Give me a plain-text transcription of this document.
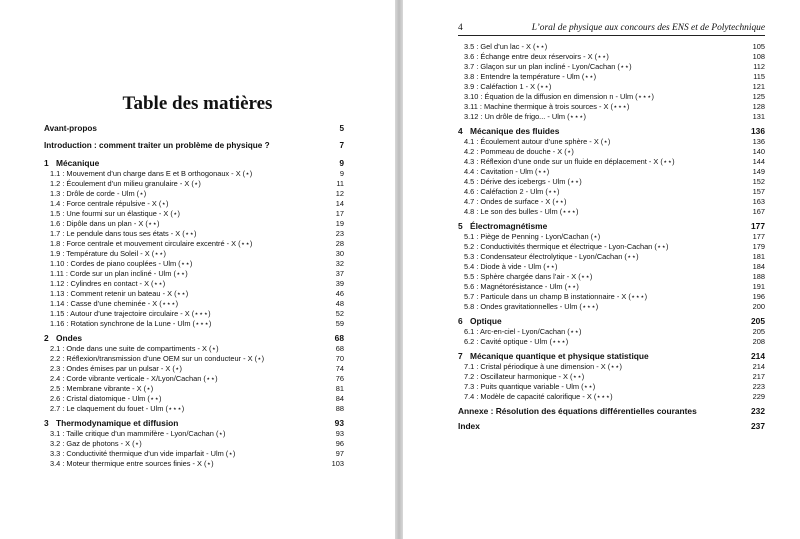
Table des matières
Avant-propos	5
Introduction : comment traiter un problème de physique ?	7
1 Mécanique	9
1.1 : Mouvement d’un charge dans E et B orthogonaux - X (⋆)	9
1.2 : Écoulement d’un milieu granulaire - X (⋆)	11
1.3 : Drôle de corde - Ulm (⋆)	12
1.4 : Force centrale répulsive - X (⋆)	14
1.5 : Une fourmi sur un élastique - X (⋆)	17
1.6 : Dipôle dans un plan - X (⋆⋆)	19
1.7 : Le pendule dans tous ses états - X (⋆⋆)	23
1.8 : Force centrale et mouvement circulaire excentré - X (⋆⋆)	28
1.9 : Température du Soleil - X (⋆⋆)	30
1.10 : Cordes de piano couplées - Ulm (⋆⋆)	32
1.11 : Corde sur un plan incliné - Ulm (⋆⋆)	37
1.12 : Cylindres en contact - X (⋆⋆)	39
1.13 : Comment retenir un bateau - X (⋆⋆)	46
1.14 : Casse d’une cheminée - X (⋆⋆⋆)	48
1.15 : Autour d’une trajectoire circulaire - X (⋆⋆⋆)	52
1.16 : Rotation synchrone de la Lune - Ulm (⋆⋆⋆)	59
2 Ondes	68
2.1 : Onde dans une suite de compartiments - X (⋆)	68
2.2 : Réflexion/transmission d’une OEM sur un conducteur - X (⋆)	70
2.3 : Ondes émises par un pulsar - X (⋆)	74
2.4 : Corde vibrante verticale - X/Lyon/Cachan (⋆⋆)	76
2.5 : Membrane vibrante - X (⋆)	81
2.6 : Cristal diatomique - Ulm (⋆⋆)	84
2.7 : Le claquement du fouet - Ulm (⋆⋆⋆)	88
3 Thermodynamique et diffusion	93
3.1 : Taille critique d’un mammifère - Lyon/Cachan (⋆)	93
3.2 : Gaz de photons - X (⋆)	96
3.3 : Conductivité thermique d’un vide imparfait - Ulm (⋆)	97
3.4 : Moteur thermique entre sources finies - X (⋆)	103
4	L’oral de physique aux concours des ENS et de Polytechnique
3.5 : Gel d’un lac - X (⋆⋆)	105
3.6 : Échange entre deux réservoirs - X (⋆⋆)	108
3.7 : Glaçon sur un plan incliné - Lyon/Cachan (⋆⋆)	112
3.8 : Entendre la température - Ulm (⋆⋆)	115
3.9 : Caléfaction 1 - X (⋆⋆)	121
3.10 : Équation de la diffusion en dimension n - Ulm (⋆⋆⋆)	125
3.11 : Machine thermique à trois sources - X (⋆⋆⋆)	128
3.12 : Un drôle de frigo... - Ulm (⋆⋆⋆)	131
4 Mécanique des fluides	136
4.1 : Écoulement autour d’une sphère - X (⋆)	136
4.2 : Pommeau de douche - X (⋆)	140
4.3 : Réflexion d’une onde sur un fluide en déplacement - X (⋆⋆)	144
4.4 : Cavitation - Ulm (⋆⋆)	149
4.5 : Dérive des icebergs - Ulm (⋆⋆)	152
4.6 : Caléfaction 2 - Ulm (⋆⋆)	157
4.7 : Ondes de surface - X (⋆⋆)	163
4.8 : Le son des bulles - Ulm (⋆⋆⋆)	167
5 Électromagnétisme	177
5.1 : Piège de Penning - Lyon/Cachan (⋆)	177
5.2 : Conductivités thermique et électrique - Lyon-Cachan (⋆⋆)	179
5.3 : Condensateur électrolytique - Lyon/Cachan (⋆⋆)	181
5.4 : Diode à vide - Ulm (⋆⋆)	184
5.5 : Sphère chargée dans l’air - X (⋆⋆)	188
5.6 : Magnétorésistance - Ulm (⋆⋆)	191
5.7 : Particule dans un champ B instationnaire - X (⋆⋆⋆)	196
5.8 : Ondes gravitationnelles - Ulm (⋆⋆⋆)	200
6 Optique	205
6.1 : Arc-en-ciel - Lyon/Cachan (⋆⋆)	205
6.2 : Cavité optique - Ulm (⋆⋆⋆)	208
7 Mécanique quantique et physique statistique	214
7.1 : Cristal périodique à une dimension - X (⋆⋆)	214
7.2 : Oscillateur harmonique - X (⋆⋆)	217
7.3 : Puits quantique variable - Ulm (⋆⋆)	223
7.4 : Modèle de capacité calorifique - X (⋆⋆⋆)	229
Annexe : Résolution des équations différentielles courantes	232
Index	237
